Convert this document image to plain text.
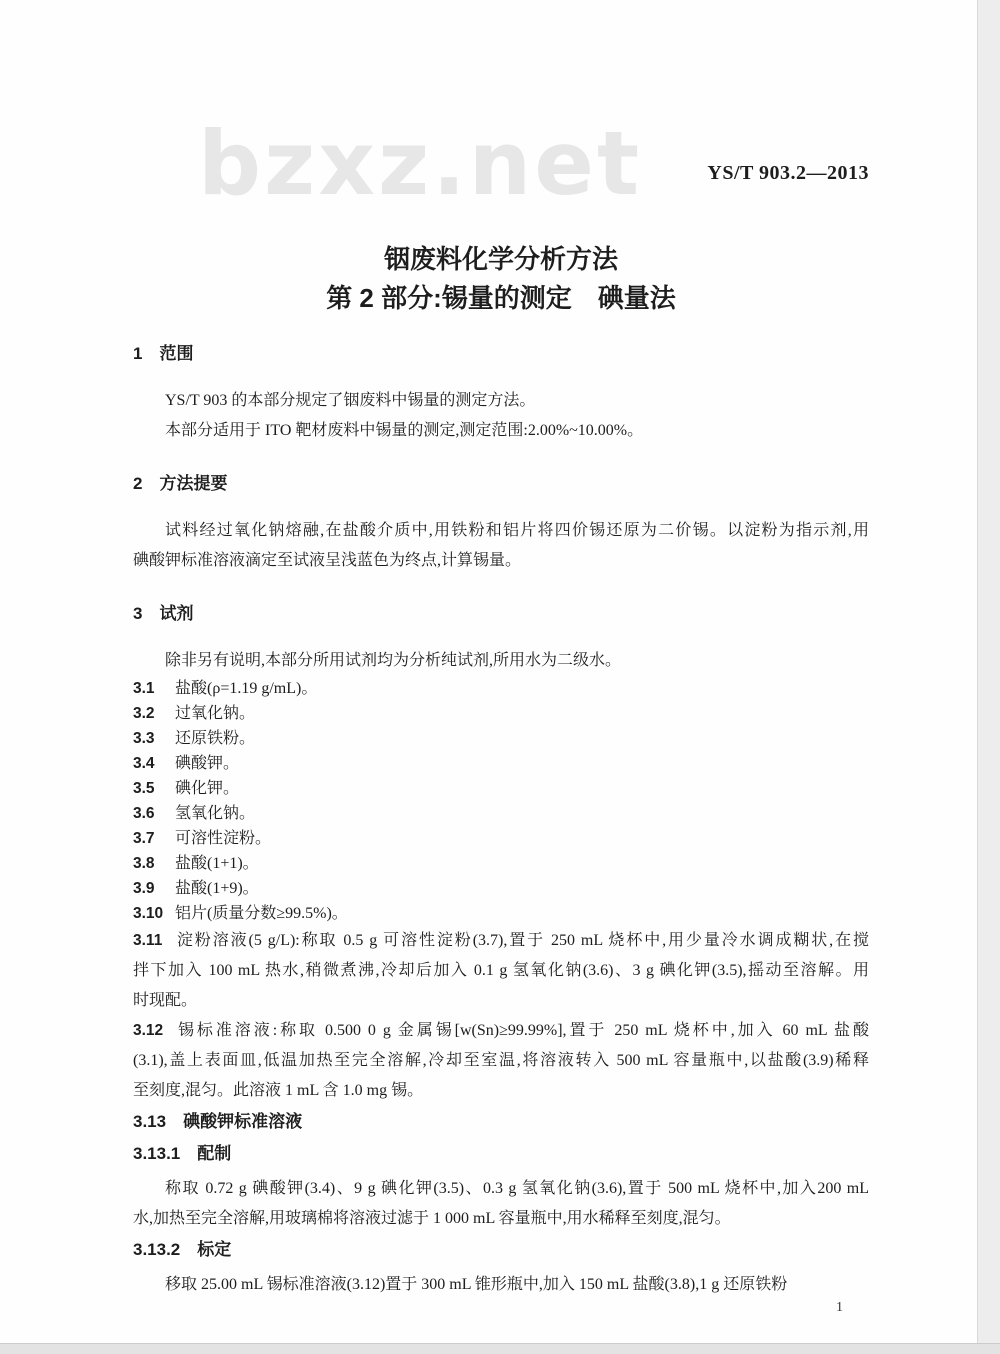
bzxz.net	YS/T 903.2—2013
铟废料化学分析方法
第 2 部分:锡量的测定　碘量法
1　范围
YS/T 903 的本部分规定了铟废料中锡量的测定方法。
本部分适用于 ITO 靶材废料中锡量的测定,测定范围:2.00%~10.00%。
2　方法提要
试料经过氧化钠熔融,在盐酸介质中,用铁粉和铝片将四价锡还原为二价锡。以淀粉为指示剂,用
碘酸钾标准溶液滴定至试液呈浅蓝色为终点,计算锡量。
3　试剂
除非另有说明,本部分所用试剂均为分析纯试剂,所用水为二级水。
3.1 盐酸(ρ=1.19 g/mL)。
3.2 过氧化钠。
3.3 还原铁粉。
3.4 碘酸钾。
3.5 碘化钾。
3.6 氢氧化钠。
3.7 可溶性淀粉。
3.8 盐酸(1+1)。
3.9 盐酸(1+9)。
3.10 铝片(质量分数≥99.5%)。
3.11 淀粉溶液(5 g/L):称取 0.5 g 可溶性淀粉(3.7),置于 250 mL 烧杯中,用少量冷水调成糊状,在搅
拌下加入 100 mL 热水,稍微煮沸,冷却后加入 0.1 g 氢氧化钠(3.6)、3 g 碘化钾(3.5),摇动至溶解。用
时现配。
3.12 锡标准溶液:称取 0.500 0 g 金属锡[w(Sn)≥99.99%],置于 250 mL 烧杯中,加入 60 mL 盐酸
(3.1),盖上表面皿,低温加热至完全溶解,冷却至室温,将溶液转入 500 mL 容量瓶中,以盐酸(3.9)稀释
至刻度,混匀。此溶液 1 mL 含 1.0 mg 锡。
3.13　碘酸钾标准溶液
3.13.1　配制
称取 0.72 g 碘酸钾(3.4)、9 g 碘化钾(3.5)、0.3 g 氢氧化钠(3.6),置于 500 mL 烧杯中,加入200 mL
水,加热至完全溶解,用玻璃棉将溶液过滤于 1 000 mL 容量瓶中,用水稀释至刻度,混匀。
3.13.2　标定
移取 25.00 mL 锡标准溶液(3.12)置于 300 mL 锥形瓶中,加入 150 mL 盐酸(3.8),1 g 还原铁粉
1
